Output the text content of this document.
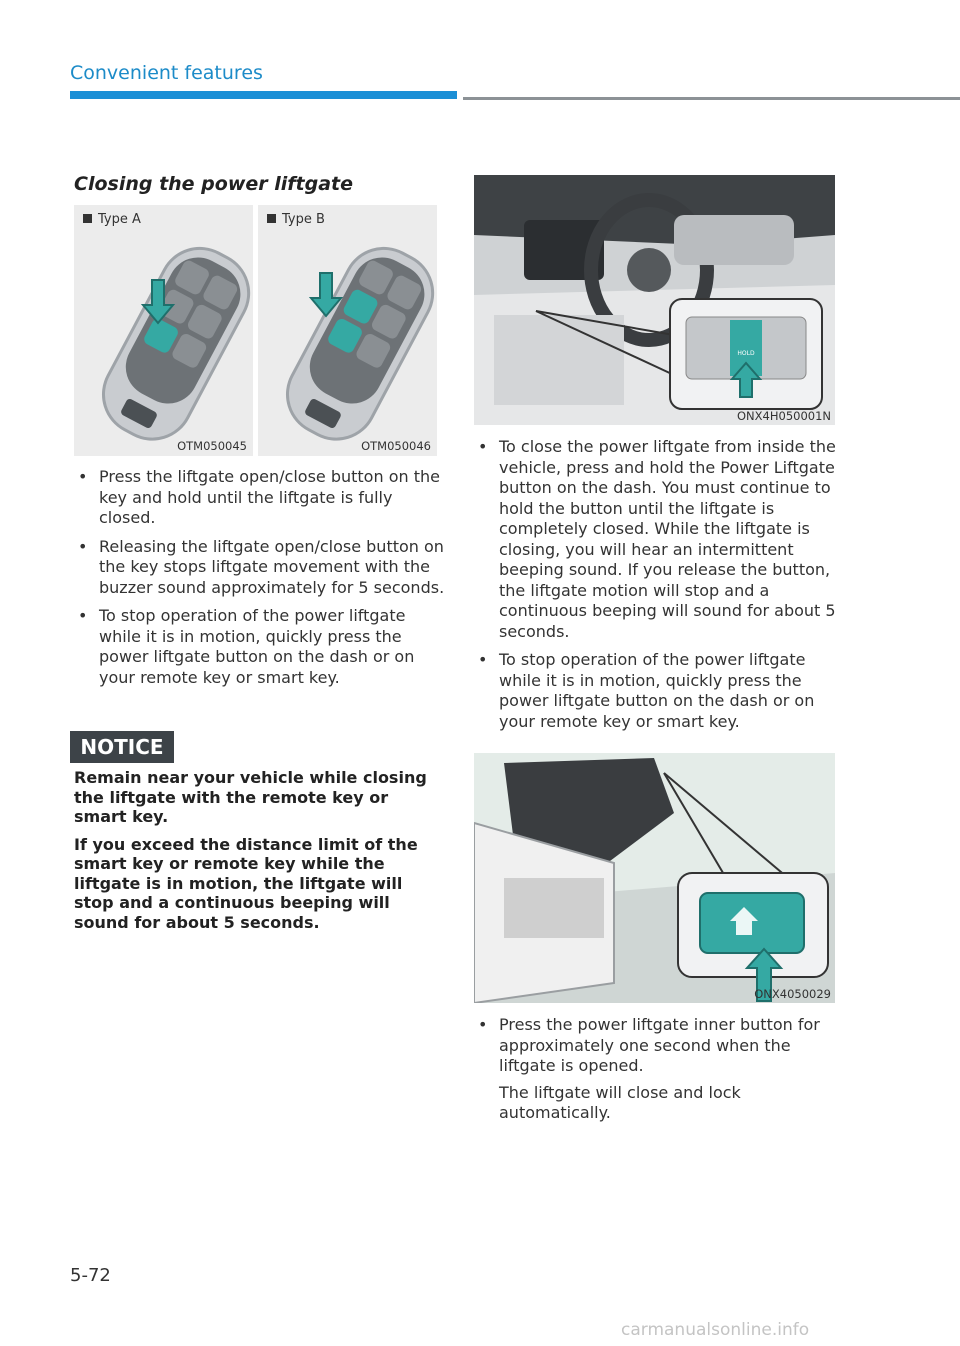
Convenient features
Closing the power liftgate
Type A
OTM050045
Type B
OTM050046
• Press the liftgate open/close button on the key and hold until the liftgate is fully closed.
• Releasing the liftgate open/close button on the key stops liftgate movement with the buzzer sound approximately for 5 seconds.
• To stop operation of the power liftgate while it is in motion, quickly press the power liftgate button on the dash or on your remote key or smart key.
NOTICE

Remain near your vehicle while closing the liftgate with the remote key or smart key.

If you exceed the distance limit of the smart key or remote key while the liftgate is in motion, the liftgate will stop and a continuous beeping will sound for about 5 seconds.

HOLD
ONX4H050001N
• To close the power liftgate from inside the vehicle, press and hold the Power Liftgate button on the dash. You must continue to hold the button until the liftgate is completely closed. While the liftgate is closing, you will hear an intermittent beeping sound. If you release the button, the liftgate motion will stop and a continuous beeping will sound for about 5 seconds.
• To stop operation of the power liftgate while it is in motion, quickly press the power liftgate button on the dash or on your remote key or smart key.
ONX4050029
• Press the power liftgate inner button for approximately one second when the liftgate is opened.
The liftgate will close and lock automatically.
5-72
carmanualsonline.info
